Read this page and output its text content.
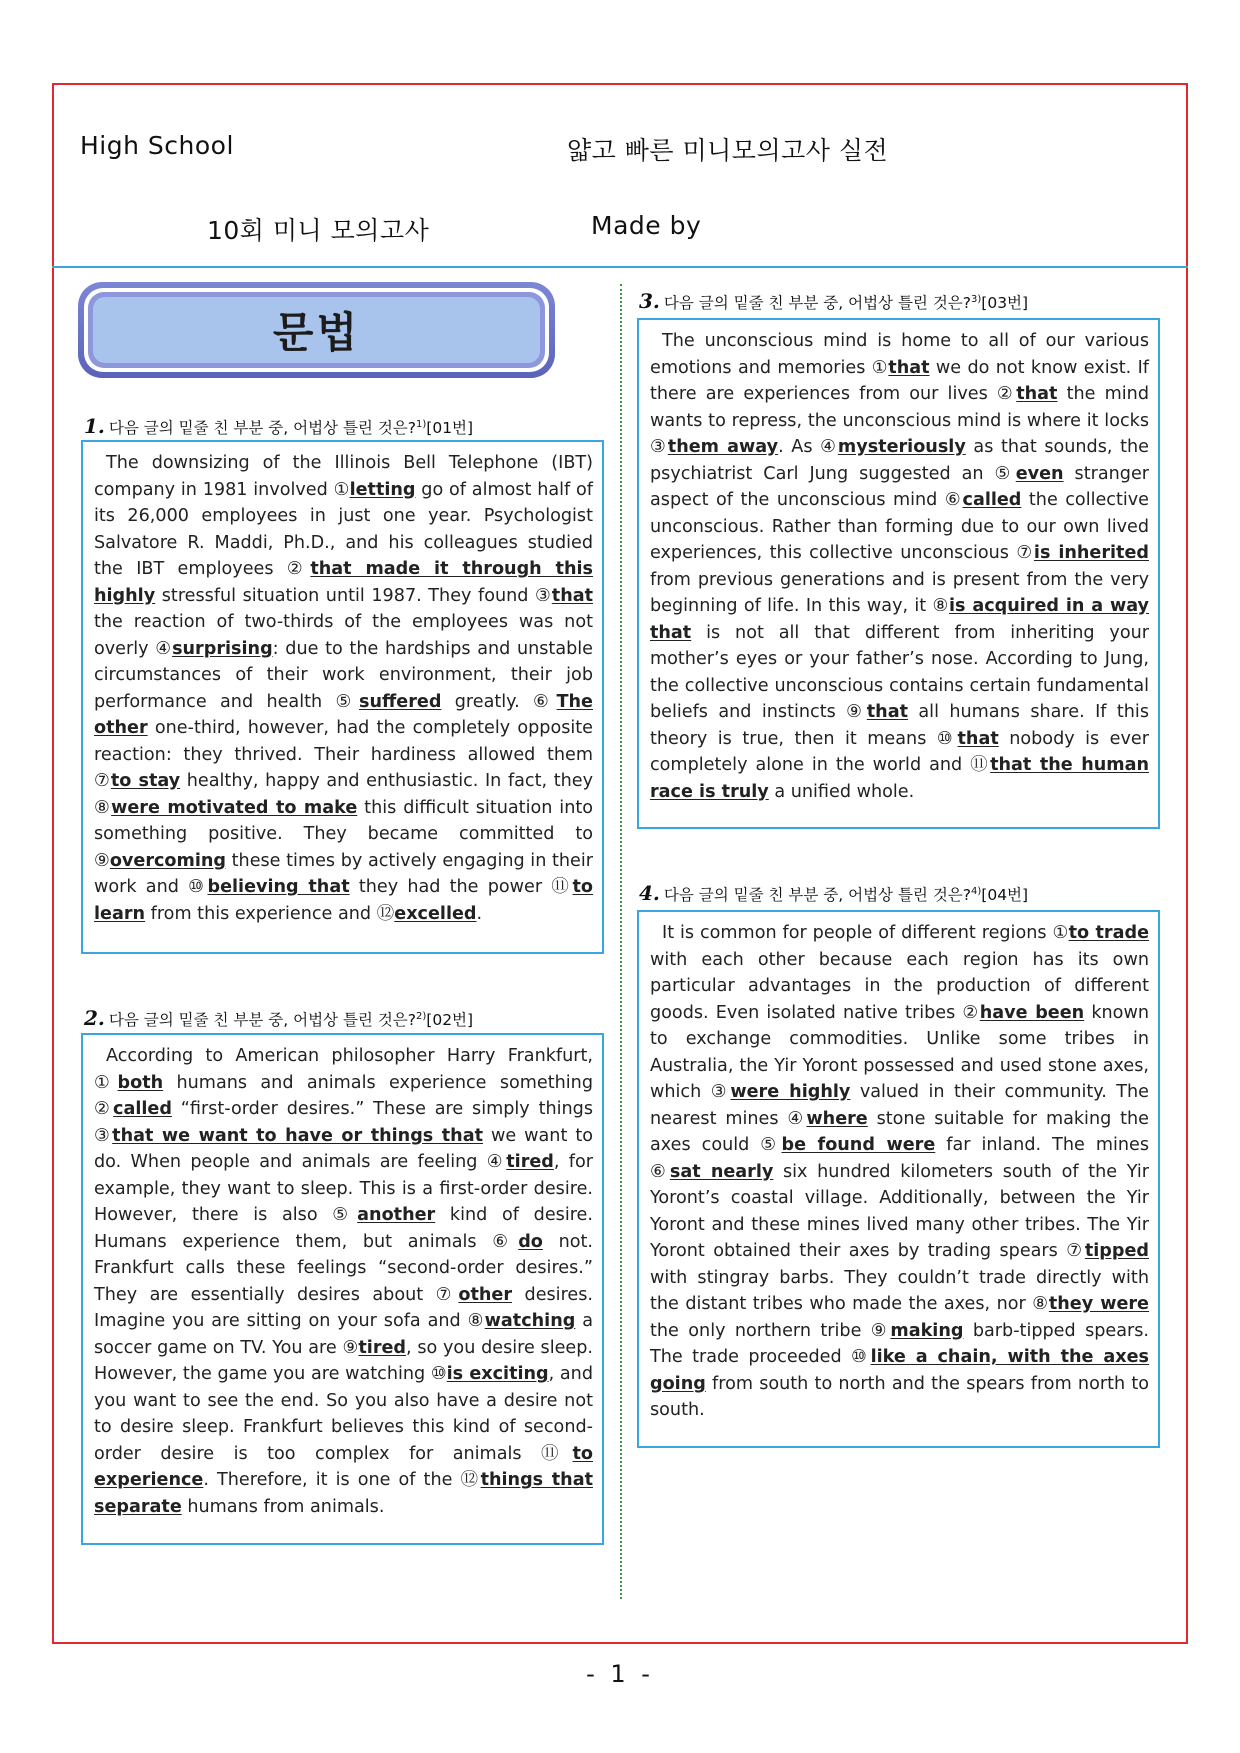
High School	얇고 빠른 미니모의고사 실전
10회 미니 모의고사	Made by
문법
1. 다음 글의 밑줄 친 부분 중, 어법상 틀린 것은?$^{1)}$[01번]

The downsizing of the Illinois Bell Telephone (IBT) company in 1981 involved ①letting go of almost half of its 26,000 employees in just one year. Psychologist Salvatore R. Maddi, Ph.D., and his colleagues studied the IBT employees ②that made it through this highly stressful situation until 1987. They found ③that the reaction of two-thirds of the employees was not overly ④surprising: due to the hardships and unstable circumstances of their work environment, their job performance and health ⑤suffered greatly. ⑥The other one-third, however, had the completely opposite reaction: they thrived. Their hardiness allowed them ⑦to stay healthy, happy and enthusiastic. In fact, they ⑧were motivated to make this difficult situation into something positive. They became committed to ⑨overcoming these times by actively engaging in their work and ⑩believing that they had the power ⑪to learn from this experience and ⑫excelled.

2. 다음 글의 밑줄 친 부분 중, 어법상 틀린 것은?$^{2)}$[02번]

According to American philosopher Harry Frankfurt, ①both humans and animals experience something ②called “first-order desires.” These are simply things ③that we want to have or things that we want to do. When people and animals are feeling ④tired, for example, they want to sleep. This is a first-order desire. However, there is also ⑤another kind of desire. Humans experience them, but animals ⑥do not. Frankfurt calls these feelings “second-order desires.” They are essentially desires about ⑦other desires. Imagine you are sitting on your sofa and ⑧watching a soccer game on TV. You are ⑨tired, so you desire sleep. However, the game you are watching ⑩is exciting, and you want to see the end. So you also have a desire not to desire sleep. Frankfurt believes this kind of second-order desire is too complex for animals ⑪to experience. Therefore, it is one of the ⑫things that separate humans from animals.

3. 다음 글의 밑줄 친 부분 중, 어법상 틀린 것은?$^{3)}$[03번]

The unconscious mind is home to all of our various emotions and memories ①that we do not know exist. If there are experiences from our lives ②that the mind wants to repress, the unconscious mind is where it locks ③them away. As ④mysteriously as that sounds, the psychiatrist Carl Jung suggested an ⑤even stranger aspect of the unconscious mind ⑥called the collective unconscious. Rather than forming due to our own lived experiences, this collective unconscious ⑦is inherited from previous generations and is present from the very beginning of life. In this way, it ⑧is acquired in a way that is not all that different from inheriting your mother’s eyes or your father’s nose. According to Jung, the collective unconscious contains certain fundamental beliefs and instincts ⑨that all humans share. If this theory is true, then it means ⑩that nobody is ever completely alone in the world and ⑪that the human race is truly a unified whole.

4. 다음 글의 밑줄 친 부분 중, 어법상 틀린 것은?$^{4)}$[04번]

It is common for people of different regions ①to trade with each other because each region has its own particular advantages in the production of different goods. Even isolated native tribes ②have been known to exchange commodities. Unlike some tribes in Australia, the Yir Yoront possessed and used stone axes, which ③were highly valued in their community. The nearest mines ④where stone suitable for making the axes could ⑤be found were far inland. The mines ⑥sat nearly six hundred kilometers south of the Yir Yoront’s coastal village. Additionally, between the Yir Yoront and these mines lived many other tribes. The Yir Yoront obtained their axes by trading spears ⑦tipped with stingray barbs. They couldn’t trade directly with the distant tribes who made the axes, nor ⑧they were the only northern tribe ⑨making barb-tipped spears. The trade proceeded ⑩like a chain, with the axes going from south to north and the spears from north to south.

- 1 -
